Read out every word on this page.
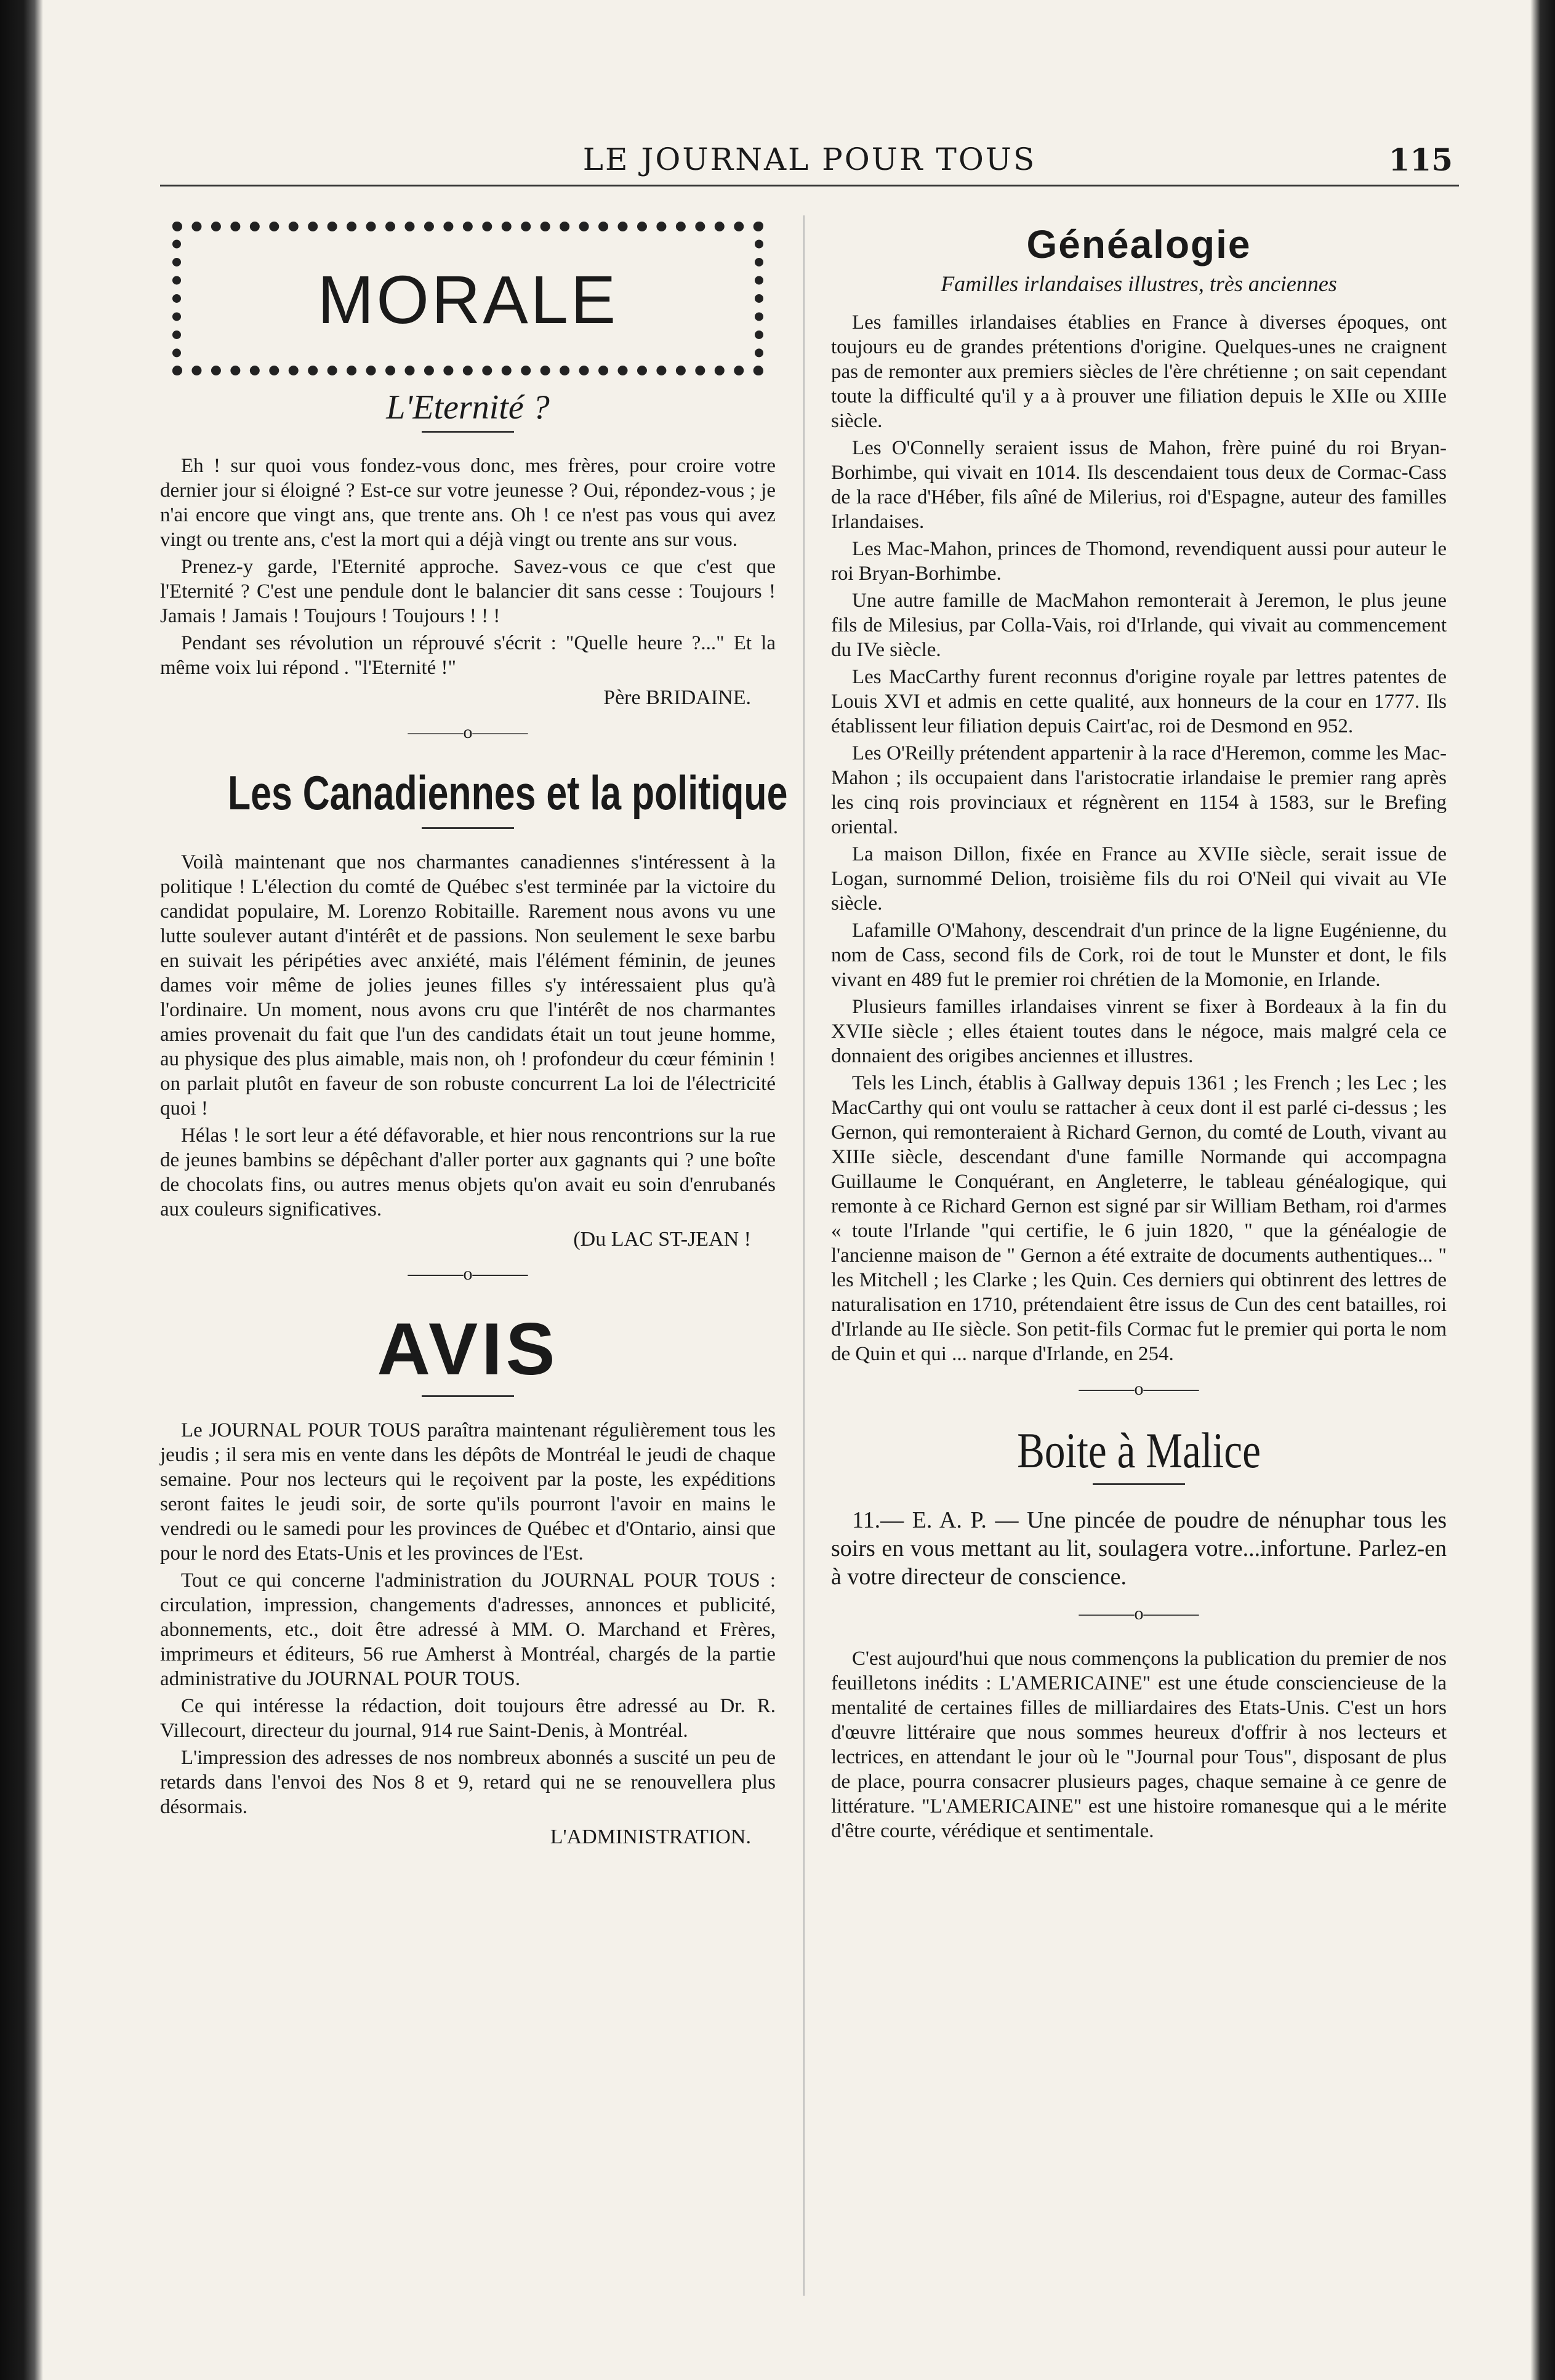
LE JOURNAL POUR TOUS	115
MORALE
L'Eternité ?

Eh ! sur quoi vous fondez-vous donc, mes frères, pour croire votre dernier jour si éloigné ? Est-ce sur votre jeunesse ? Oui, répondez-vous ; je n'ai encore que vingt ans, que trente ans. Oh ! ce n'est pas vous qui avez vingt ou trente ans, c'est la mort qui a déjà vingt ou trente ans sur vous.

Prenez-y garde, l'Eternité approche. Savez-vous ce que c'est que l'Eternité ? C'est une pendule dont le balancier dit sans cesse : Toujours ! Jamais ! Jamais ! Toujours ! Toujours ! ! !

Pendant ses révolution un réprouvé s'écrit : "Quelle heure ?..." Et la même voix lui répond . "l'Eternité !"

Père BRIDAINE.
———o———
Les Canadiennes et la politique

Voilà maintenant que nos charmantes canadiennes s'intéressent à la politique ! L'élection du comté de Québec s'est terminée par la victoire du candidat populaire, M. Lorenzo Robitaille. Rarement nous avons vu une lutte soulever autant d'intérêt et de passions. Non seulement le sexe barbu en suivait les péripéties avec anxiété, mais l'élément féminin, de jeunes dames voir même de jolies jeunes filles s'y intéressaient plus qu'à l'ordinaire. Un moment, nous avons cru que l'intérêt de nos charmantes amies provenait du fait que l'un des candidats était un tout jeune homme, au physique des plus aimable, mais non, oh ! profondeur du cœur féminin ! on parlait plutôt en faveur de son robuste concurrent La loi de l'électricité quoi !

Hélas ! le sort leur a été défavorable, et hier nous rencontrions sur la rue de jeunes bambins se dépêchant d'aller porter aux gagnants qui ? une boîte de chocolats fins, ou autres menus objets qu'on avait eu soin d'enrubanés aux couleurs significatives.

(Du LAC ST-JEAN !
———o———
AVIS

Le JOURNAL POUR TOUS paraîtra maintenant régulièrement tous les jeudis ; il sera mis en vente dans les dépôts de Montréal le jeudi de chaque semaine. Pour nos lecteurs qui le reçoivent par la poste, les expéditions seront faites le jeudi soir, de sorte qu'ils pourront l'avoir en mains le vendredi ou le samedi pour les provinces de Québec et d'Ontario, ainsi que pour le nord des Etats-Unis et les provinces de l'Est.

Tout ce qui concerne l'administration du JOURNAL POUR TOUS : circulation, impression, changements d'adresses, annonces et publicité, abonnements, etc., doit être adressé à MM. O. Marchand et Frères, imprimeurs et éditeurs, 56 rue Amherst à Montréal, chargés de la partie administrative du JOURNAL POUR TOUS.

Ce qui intéresse la rédaction, doit toujours être adressé au Dr. R. Villecourt, directeur du journal, 914 rue Saint-Denis, à Montréal.

L'impression des adresses de nos nombreux abonnés a suscité un peu de retards dans l'envoi des Nos 8 et 9, retard qui ne se renouvellera plus désormais.

L'ADMINISTRATION.
Généalogie
Familles irlandaises illustres, très anciennes

Les familles irlandaises établies en France à diverses époques, ont toujours eu de grandes prétentions d'origine. Quelques-unes ne craignent pas de remonter aux premiers siècles de l'ère chrétienne ; on sait cependant toute la difficulté qu'il y a à prouver une filiation depuis le XIIe ou XIIIe siècle.

Les O'Connelly seraient issus de Mahon, frère puiné du roi Bryan-Borhimbe, qui vivait en 1014. Ils descendaient tous deux de Cormac-Cass de la race d'Héber, fils aîné de Milerius, roi d'Espagne, auteur des familles Irlandaises.

Les Mac-Mahon, princes de Thomond, revendiquent aussi pour auteur le roi Bryan-Borhimbe.

Une autre famille de MacMahon remonterait à Jeremon, le plus jeune fils de Milesius, par Colla-Vais, roi d'Irlande, qui vivait au commencement du IVe siècle.

Les MacCarthy furent reconnus d'origine royale par lettres patentes de Louis XVI et admis en cette qualité, aux honneurs de la cour en 1777. Ils établissent leur filiation depuis Cairt'ac, roi de Desmond en 952.

Les O'Reilly prétendent appartenir à la race d'Heremon, comme les Mac-Mahon ; ils occupaient dans l'aristocratie irlandaise le premier rang après les cinq rois provinciaux et régnèrent en 1154 à 1583, sur le Brefing oriental.

La maison Dillon, fixée en France au XVIIe siècle, serait issue de Logan, surnommé Delion, troisième fils du roi O'Neil qui vivait au VIe siècle.

Lafamille O'Mahony, descendrait d'un prince de la ligne Eugénienne, du nom de Cass, second fils de Cork, roi de tout le Munster et dont, le fils vivant en 489 fut le premier roi chrétien de la Momonie, en Irlande.

Plusieurs familles irlandaises vinrent se fixer à Bordeaux à la fin du XVIIe siècle ; elles étaient toutes dans le négoce, mais malgré cela ce donnaient des origibes anciennes et illustres.

Tels les Linch, établis à Gallway depuis 1361 ; les French ; les Lec ; les MacCarthy qui ont voulu se rattacher à ceux dont il est parlé ci-dessus ; les Gernon, qui remonteraient à Richard Gernon, du comté de Louth, vivant au XIIIe siècle, descendant d'une famille Normande qui accompagna Guillaume le Conquérant, en Angleterre, le tableau généalogique, qui remonte à ce Richard Gernon est signé par sir William Betham, roi d'armes « toute l'Irlande "qui certifie, le 6 juin 1820, " que la généalogie de l'ancienne maison de " Gernon a été extraite de documents authentiques... " les Mitchell ; les Clarke ; les Quin. Ces derniers qui obtinrent des lettres de naturalisation en 1710, prétendaient être issus de Cun des cent batailles, roi d'Irlande au IIe siècle. Son petit-fils Cormac fut le premier qui porta le nom de Quin et qui ... narque d'Irlande, en 254.

———o———
Boite à Malice

11.— E. A. P. — Une pincée de poudre de nénuphar tous les soirs en vous mettant au lit, soulagera votre...infortune. Parlez-en à votre directeur de conscience.

———o———

C'est aujourd'hui que nous commençons la publication du premier de nos feuilletons inédits : L'AMERICAINE" est une étude consciencieuse de la mentalité de certaines filles de milliardaires des Etats-Unis. C'est un hors d'œuvre littéraire que nous sommes heureux d'offrir à nos lecteurs et lectrices, en attendant le jour où le "Journal pour Tous", disposant de plus de place, pourra consacrer plusieurs pages, chaque semaine à ce genre de littérature. "L'AMERICAINE" est une histoire romanesque qui a le mérite d'être courte, vérédique et sentimentale.
